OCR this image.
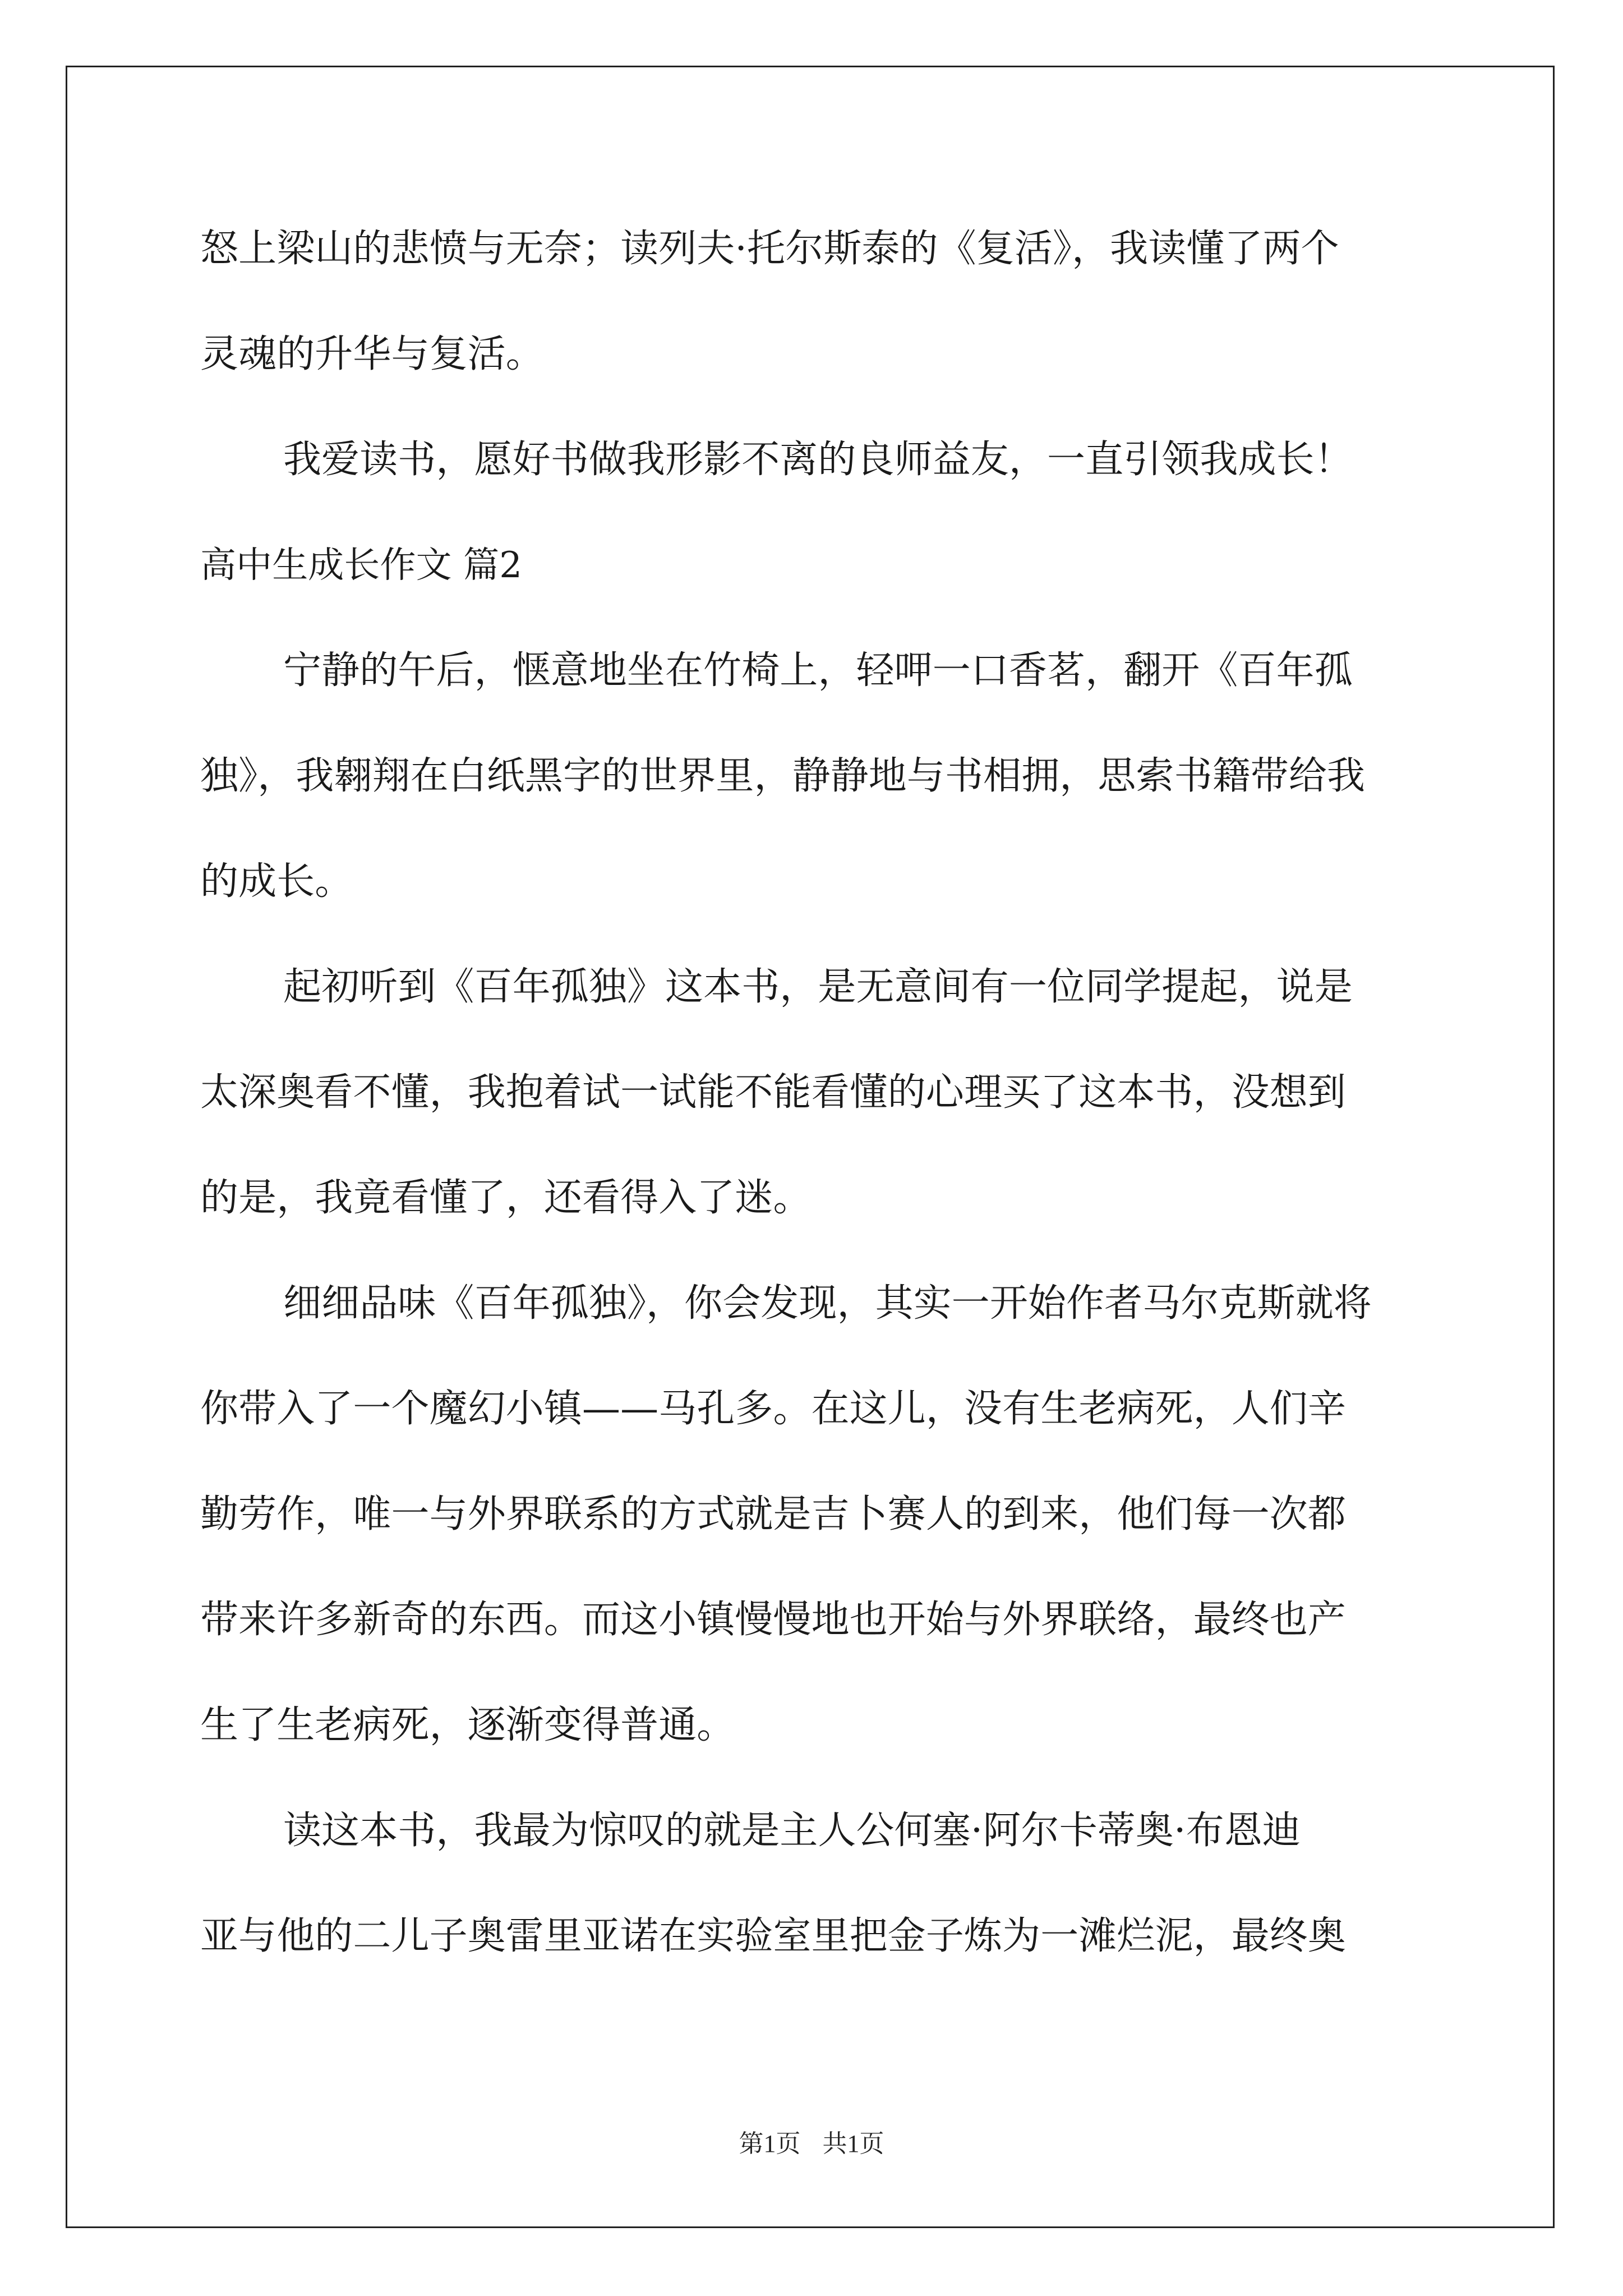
怒上梁山的悲愤与无奈；读列夫·托尔斯泰的《复活》，我读懂了两个
灵魂的升华与复活。
我爱读书，愿好书做我形影不离的良师益友，一直引领我成长！
高中生成长作文 篇2
宁静的午后，惬意地坐在竹椅上，轻呷一口香茗，翻开《百年孤
独》，我翱翔在白纸黑字的世界里，静静地与书相拥，思索书籍带给我
的成长。
起初听到《百年孤独》这本书，是无意间有一位同学提起，说是
太深奥看不懂，我抱着试一试能不能看懂的心理买了这本书，没想到
的是，我竟看懂了，还看得入了迷。
细细品味《百年孤独》，你会发现，其实一开始作者马尔克斯就将
你带入了一个魔幻小镇——马孔多。在这儿，没有生老病死，人们辛
勤劳作，唯一与外界联系的方式就是吉卜赛人的到来，他们每一次都
带来许多新奇的东西。而这小镇慢慢地也开始与外界联络，最终也产
生了生老病死，逐渐变得普通。
读这本书，我最为惊叹的就是主人公何塞·阿尔卡蒂奥·布恩迪
亚与他的二儿子奥雷里亚诺在实验室里把金子炼为一滩烂泥，最终奥
第1页 共1页
